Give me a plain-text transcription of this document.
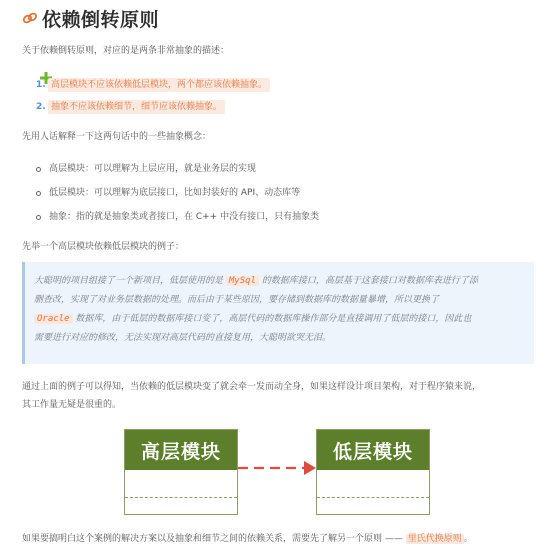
依赖倒转原则
关于依赖倒转原则，对应的是两条非常抽象的描述：
1. 高层模块不应该依赖低层模块，两个都应该依赖抽象。
2. 抽象不应该依赖细节，细节应该依赖抽象。
先用人话解释一下这两句话中的一些抽象概念：
高层模块：可以理解为上层应用，就是业务层的实现
低层模块：可以理解为底层接口，比如封装好的 API、动态库等
抽象：指的就是抽象类或者接口，在 C++ 中没有接口，只有抽象类
先举一个高层模块依赖低层模块的例子：
大聪明的项目组接了一个新项目，低层使用的是 MySql 的数据库接口，高层基于这套接口对数据库表进行了添
删查改，实现了对业务层数据的处理。而后由于某些原因，要存储到数据库的数据量暴增，所以更换了
Oracle 数据库，由于低层的数据库接口变了，高层代码的数据库操作部分是直接调用了低层的接口，因此也
需要进行对应的修改，无法实现对高层代码的直接复用，大聪明欲哭无泪。
通过上面的例子可以得知，当依赖的低层模块变了就会牵一发而动全身，如果这样设计项目架构，对于程序猿来说，
其工作量无疑是很重的。
高层模块	低层模块
如果要搞明白这个案例的解决方案以及抽象和细节之间的依赖关系，需要先了解另一个原则 —— 里氏代换原则 。
